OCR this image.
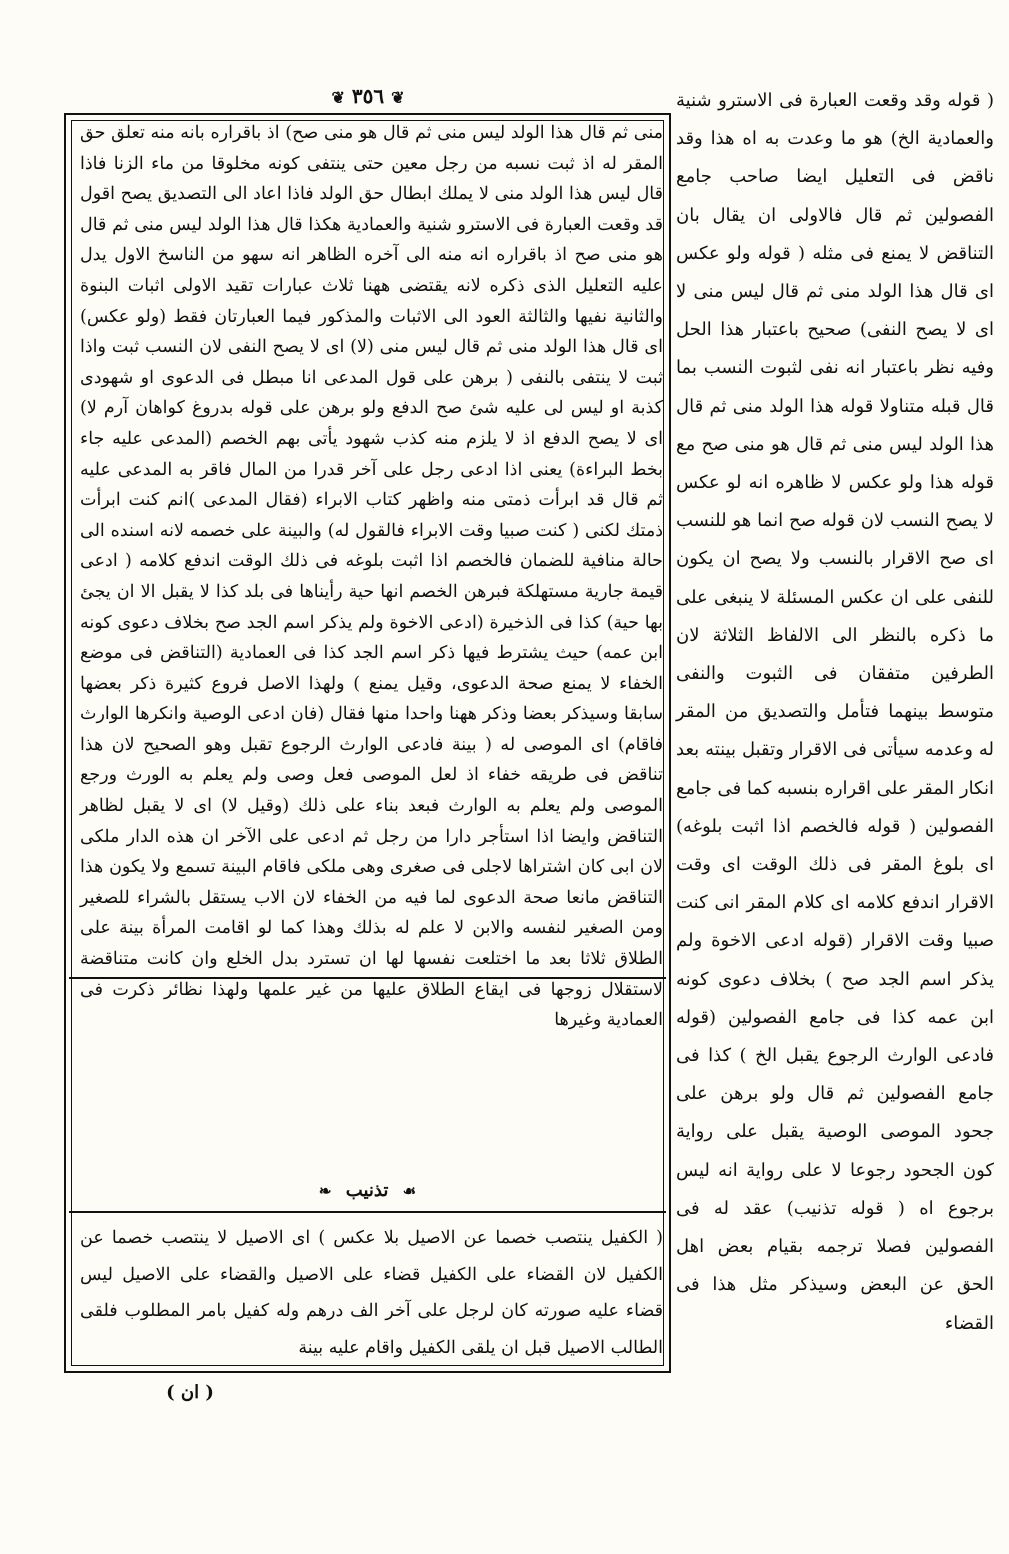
❦ ٣٥٦ ❦	( قوله وقد وقعت العبارة فى الاسترو شنية والعمادية الخ) هو ما وعدت به اه هذا وقد ناقض فى التعليل ايضا صاحب جامع الفصولين ثم قال فالاولى ان يقال بان التناقض لا يمنع فى مثله ( قوله ولو عكس اى قال هذا الولد منى ثم قال ليس منى لا اى لا يصح النفى) صحيح باعتبار هذا الحل وفيه نظر باعتبار انه نفى لثبوت النسب بما قال قبله متناولا قوله هذا الولد منى ثم قال هذا الولد ليس منى ثم قال هو منى صح مع قوله هذا ولو عكس لا ظاهره انه لو عكس لا يصح النسب لان قوله صح انما هو للنسب اى صح الاقرار بالنسب ولا يصح ان يكون للنفى على ان عكس المسئلة لا ينبغى على ما ذكره بالنظر الى الالفاظ الثلاثة لان الطرفين متفقان فى الثبوت والنفى متوسط بينهما فتأمل والتصديق من المقر له وعدمه سيأتى فى الاقرار وتقبل بينته بعد انكار المقر على اقراره بنسبه كما فى جامع الفصولين ( قوله فالخصم اذا اثبت بلوغه) اى بلوغ المقر فى ذلك الوقت اى وقت الاقرار اندفع كلامه اى كلام المقر انى كنت صبيا وقت الاقرار (قوله ادعى الاخوة ولم يذكر اسم الجد صح ) بخلاف دعوى كونه ابن عمه كذا فى جامع الفصولين (قوله فادعى الوارث الرجوع يقبل الخ ) كذا فى جامع الفصولين ثم قال ولو برهن على جحود الموصى الوصية يقبل على رواية كون الجحود رجوعا لا على رواية انه ليس برجوع اه ( قوله تذنيب) عقد له فى الفصولين فصلا ترجمه بقيام بعض اهل الحق عن البعض وسيذكر مثل هذا فى القضاء

منى ثم قال هذا الولد ليس منى ثم قال هو منى صح) اذ باقراره بانه منه تعلق حق المقر له اذ ثبت نسبه من رجل معين حتى ينتفى كونه مخلوقا من ماء الزنا فاذا قال ليس هذا الولد منى لا يملك ابطال حق الولد فاذا اعاد الى التصديق يصح اقول قد وقعت العبارة فى الاسترو شنية والعمادية هكذا قال هذا الولد ليس منى ثم قال هو منى صح اذ باقراره انه منه الى آخره الظاهر انه سهو من الناسخ الاول يدل عليه التعليل الذى ذكره لانه يقتضى ههنا ثلاث عبارات تقيد الاولى اثبات البنوة والثانية نفيها والثالثة العود الى الاثبات والمذكور فيما العبارتان فقط (ولو عكس) اى قال هذا الولد منى ثم قال ليس منى (لا) اى لا يصح النفى لان النسب ثبت واذا ثبت لا ينتفى بالنفى ( برهن على قول المدعى انا مبطل فى الدعوى او شهودى كذبة او ليس لى عليه شئ صح الدفع ولو برهن على قوله بدروغ كواهان آرم لا) اى لا يصح الدفع اذ لا يلزم منه كذب شهود يأتى بهم الخصم (المدعى عليه جاء بخط البراءة) يعنى اذا ادعى رجل على آخر قدرا من المال فاقر به المدعى عليه ثم قال قد ابرأت ذمتى منه واظهر كتاب الابراء (فقال المدعى )انم كنت ابرأت ذمتك لكنى ( كنت صبيا وقت الابراء فالقول له) والبينة على خصمه لانه اسنده الى حالة منافية للضمان فالخصم اذا اثبت بلوغه فى ذلك الوقت اندفع كلامه ( ادعى قيمة جارية مستهلكة فبرهن الخصم انها حية رأيناها فى بلد كذا لا يقبل الا ان يجئ بها حية) كذا فى الذخيرة (ادعى الاخوة ولم يذكر اسم الجد صح بخلاف دعوى كونه ابن عمه) حيث يشترط فيها ذكر اسم الجد كذا فى العمادية (التناقض فى موضع الخفاء لا يمنع صحة الدعوى، وقيل يمنع ) ولهذا الاصل فروع كثيرة ذكر بعضها سابقا وسيذكر بعضا وذكر ههنا واحدا منها فقال (فان ادعى الوصية وانكرها الوارث فاقام) اى الموصى له ( بينة فادعى الوارث الرجوع تقبل وهو الصحيح لان هذا تناقض فى طريقه خفاء اذ لعل الموصى فعل وصى ولم يعلم به الورث ورجع الموصى ولم يعلم به الوارث فبعد بناء على ذلك (وقيل لا) اى لا يقبل لظاهر التناقض وايضا اذا استأجر دارا من رجل ثم ادعى على الآخر ان هذه الدار ملكى لان ابى كان اشتراها لاجلى فى صغرى وهى ملكى فاقام البينة تسمع ولا يكون هذا التناقض مانعا صحة الدعوى لما فيه من الخفاء لان الاب يستقل بالشراء للصغير ومن الصغير لنفسه والابن لا علم له بذلك وهذا كما لو اقامت المرأة بينة على الطلاق ثلاثا بعد ما اختلعت نفسها لها ان تسترد بدل الخلع وان كانت متناقضة لاستقلال زوجها فى ايقاع الطلاق عليها من غير علمها ولهذا نظائر ذكرت فى العمادية وغيرها

☙ تذنيب ❧

( الكفيل ينتصب خصما عن الاصيل بلا عكس ) اى الاصيل لا ينتصب خصما عن الكفيل لان القضاء على الكفيل قضاء على الاصيل والقضاء على الاصيل ليس قضاء عليه صورته كان لرجل على آخر الف درهم وله كفيل بامر المطلوب فلقى الطالب الاصيل قبل ان يلقى الكفيل واقام عليه بينة

( ان )
